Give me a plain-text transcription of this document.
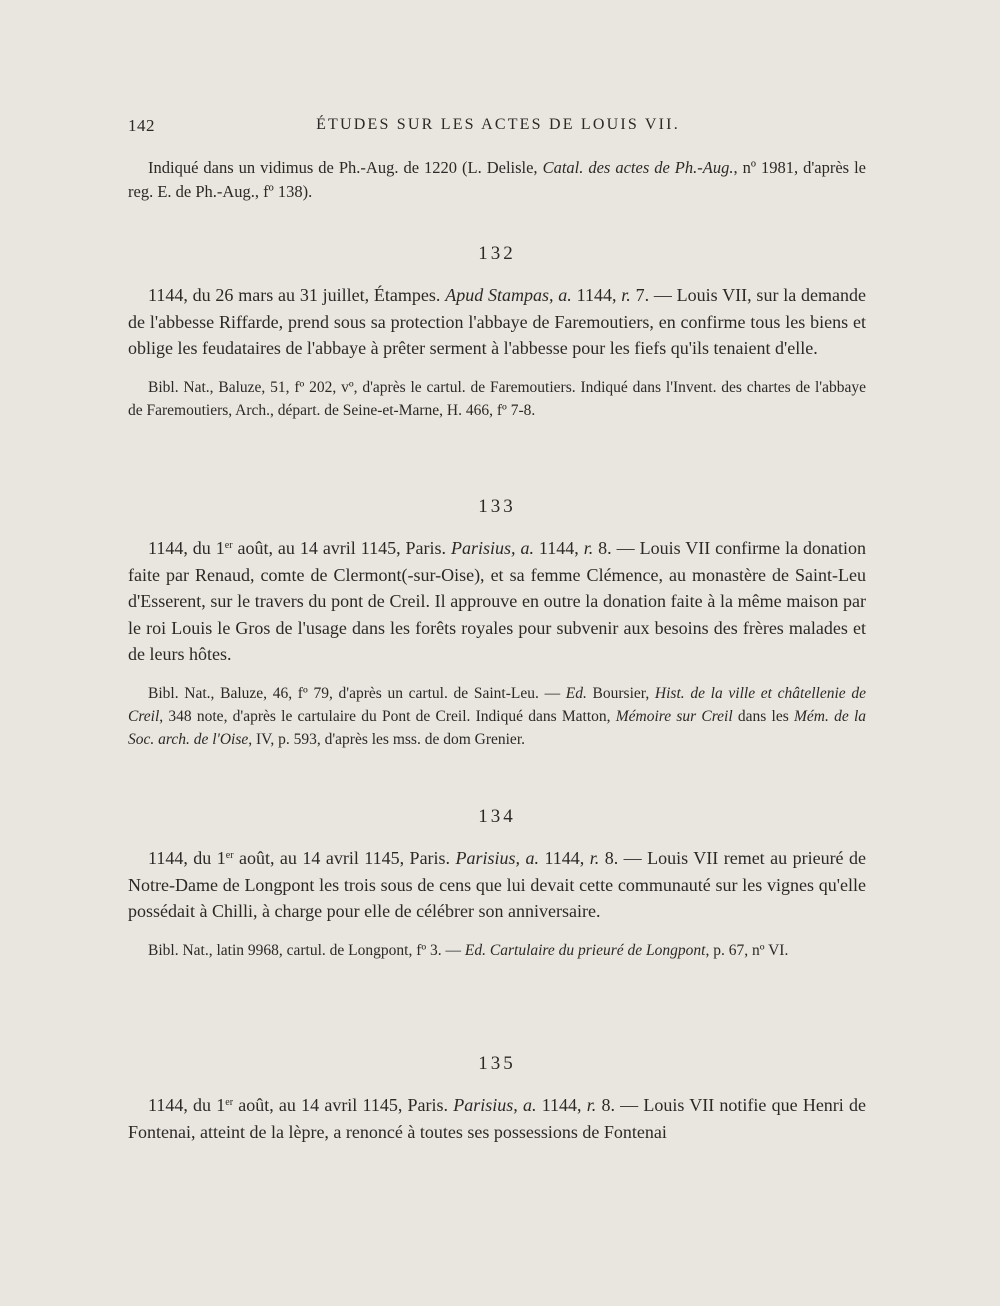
142	ÉTUDES SUR LES ACTES DE LOUIS VII.

Indiqué dans un vidimus de Ph.-Aug. de 1220 (L. Delisle, Catal. des actes de Ph.-Aug., nº 1981, d'après le reg. E. de Ph.-Aug., fº 138).

132

1144, du 26 mars au 31 juillet, Étampes. Apud Stampas, a. 1144, r. 7. — Louis VII, sur la demande de l'abbesse Riffarde, prend sous sa protection l'abbaye de Faremoutiers, en confirme tous les biens et oblige les feudataires de l'abbaye à prêter serment à l'abbesse pour les fiefs qu'ils tenaient d'elle.

Bibl. Nat., Baluze, 51, fº 202, vº, d'après le cartul. de Faremoutiers. Indiqué dans l'Invent. des chartes de l'abbaye de Faremoutiers, Arch., départ. de Seine-et-Marne, H. 466, fº 7-8.

133

1144, du 1er août, au 14 avril 1145, Paris. Parisius, a. 1144, r. 8. — Louis VII confirme la donation faite par Renaud, comte de Clermont(-sur-Oise), et sa femme Clémence, au monastère de Saint-Leu d'Esserent, sur le travers du pont de Creil. Il approuve en outre la donation faite à la même maison par le roi Louis le Gros de l'usage dans les forêts royales pour subvenir aux besoins des frères malades et de leurs hôtes.

Bibl. Nat., Baluze, 46, fº 79, d'après un cartul. de Saint-Leu. — Ed. Boursier, Hist. de la ville et châtellenie de Creil, 348 note, d'après le cartulaire du Pont de Creil. Indiqué dans Matton, Mémoire sur Creil dans les Mém. de la Soc. arch. de l'Oise, IV, p. 593, d'après les mss. de dom Grenier.

134

1144, du 1er août, au 14 avril 1145, Paris. Parisius, a. 1144, r. 8. — Louis VII remet au prieuré de Notre-Dame de Longpont les trois sous de cens que lui devait cette communauté sur les vignes qu'elle possédait à Chilli, à charge pour elle de célébrer son anniversaire.

Bibl. Nat., latin 9968, cartul. de Longpont, fº 3. — Ed. Cartulaire du prieuré de Longpont, p. 67, nº VI.

135

1144, du 1er août, au 14 avril 1145, Paris. Parisius, a. 1144, r. 8. — Louis VII notifie que Henri de Fontenai, atteint de la lèpre, a renoncé à toutes ses possessions de Fontenai
